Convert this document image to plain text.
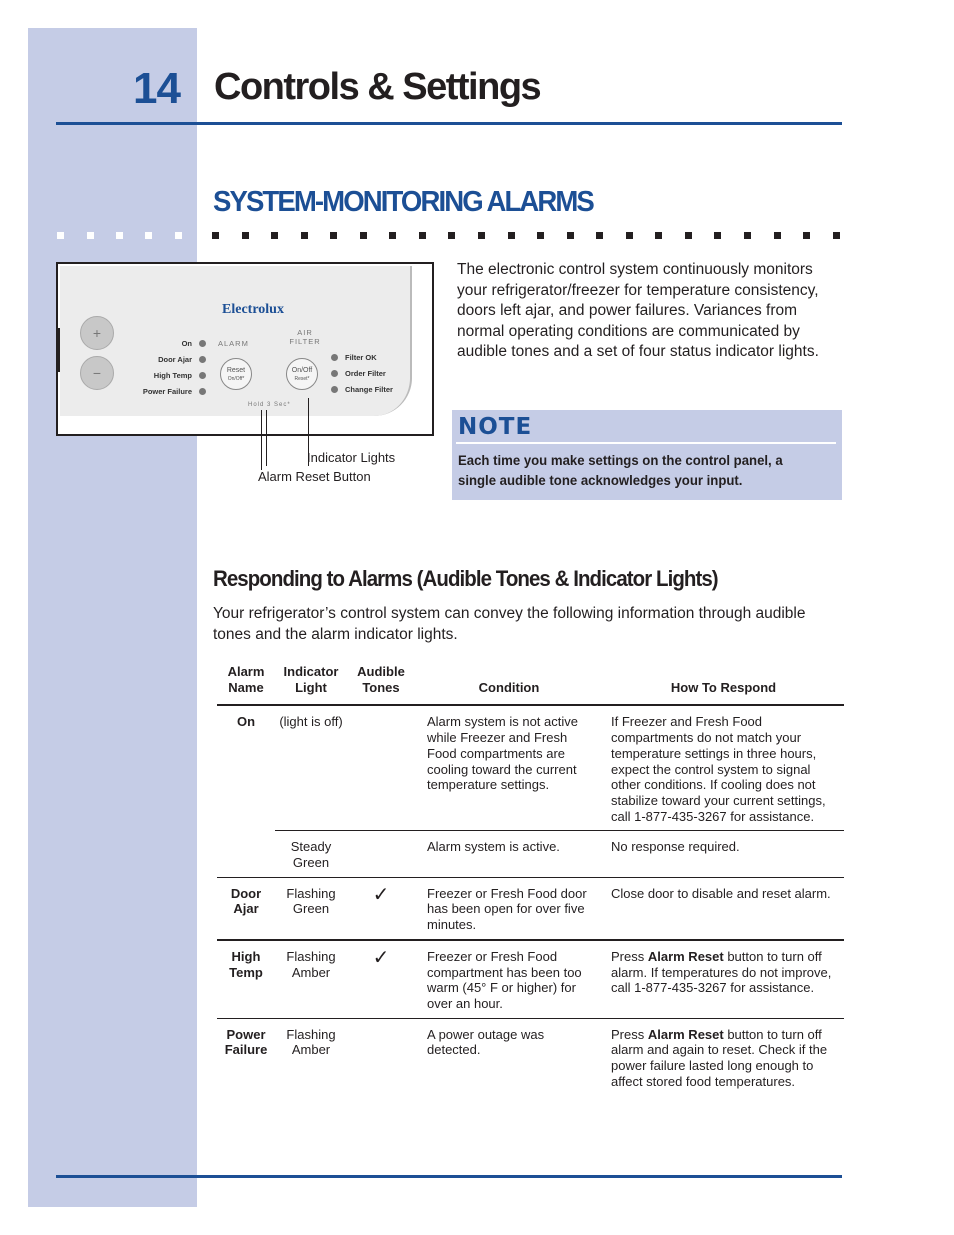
14 Controls & Settings
SYSTEM-MONITORING ALARMS
+
−
Electrolux
On
Door Ajar
High Temp
Power Failure
ALARM
AIR FILTER
Reset
On/Off*
On/Off
Reset*
Filter OK
Order Filter
Change Filter
Hold 3 Sec*
Indicator Lights
Alarm Reset Button
The electronic control system continuously monitors your refrigerator/freezer for temperature consistency, doors left ajar, and power failures. Variances from normal operating conditions are communicated by audible tones and a set of four status indicator lights.
NOTE
Each time you make settings on the control panel, a single audible tone acknowledges your input.
Responding to Alarms (Audible Tones & Indicator Lights)
Your refrigerator’s control system can convey the following information through audible tones and the alarm indicator lights.
Alarm Name	Indicator Light	Audible Tones	Condition	How To Respond
On	(light is off)		Alarm system is not active while Freezer and Fresh Food compartments are cooling toward the current temperature settings.	If Freezer and Fresh Food compartments do not match your temperature settings in three hours, expect the control system to signal other conditions. If cooling does not stabilize toward your current settings, call 1-877-435-3267 for assistance.
	Steady Green		Alarm system is active.	No response required.
Door Ajar	Flashing Green	✓	Freezer or Fresh Food door has been open for over five minutes.	Close door to disable and reset alarm.
High Temp	Flashing Amber	✓	Freezer or Fresh Food compartment has been too warm (45° F or higher) for over an hour.	Press Alarm Reset button to turn off alarm. If temperatures do not improve, call 1-877-435-3267 for assistance.
Power Failure	Flashing Amber		A power outage was detected.	Press Alarm Reset button to turn off alarm and again to reset. Check if the power failure lasted long enough to affect stored food temperatures.
